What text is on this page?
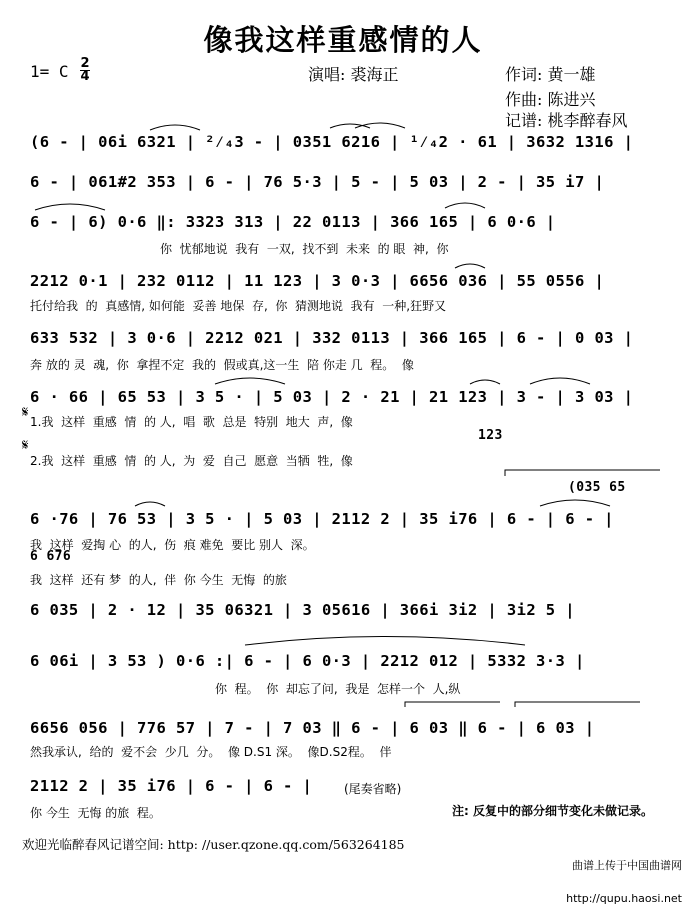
像我这样重感情的人
1= C 2
4	演唱: 裘海正	作词: 黄一雄
作曲: 陈进兴
记谱: 桃李醉春风
(6 - | 06i 6321 | ²⁄₄3 - | 0351 6216 | ¹⁄₄2 · 61 | 3632 1316 |
6 - | 061#2 353 | 6 - | 76 5·3 | 5 - | 5 03 | 2 - | 35 i7 |
6 - | 6) 0·6 ‖: 3323 313 | 22 0113 | 366 165 | 6 0·6 |
你  忧郁地说  我有  一双,  找不到  未来  的 眼  神,  你
2212 0·1 | 232 0112 | 11 123 | 3 0·3 | 6656 036 | 55 0556 |
托付给我  的  真感情, 如何能  妥善 地保  存,  你  猜测地说  我有  一种,狂野又
633 532 | 3 0·6 | 2212 021 | 332 0113 | 366 165 | 6 - | 0 03 |
奔 放的 灵  魂,  你  拿捏不定  我的  假或真,这一生  陪 你走 几  程。  像
6 · 66 | 65 53 | 3 5 · | 5 03 | 2 · 21 | 21 123 | 3 - | 3 03 |
𝄋
1.我  这样  重感  情  的 人,  唱  歌  总是  特别  地大  声,  像
123
𝄋
2.我  这样  重感  情  的 人,  为  爱  自己  愿意  当牺  牲,  像
(035 65
6 ·76 | 76 53 | 3 5 · | 5 03 | 2112 2 | 35 i76 | 6 - | 6 - |
我  这样  爱掏 心  的人,  伤  痕 难免  要比 别人  深。
6 676
我  这样  还有 梦  的人,  伴  你 今生  无悔  的旅
6 035 | 2 · 12 | 35 06321 | 3 05616 | 366i 3i2 | 3i2 5 |
6 06i | 3 53 ) 0·6 :| 6 - | 6 0·3 | 2212 012 | 5332 3·3 |
你  程。  你  却忘了问,  我是  怎样一个  人,纵
6656 056 | 776 57 | 7 - | 7 03 ‖ 6 - | 6 03 ‖ 6 - | 6 03 |
然我承认,  给的  爱不会  少几  分。  像 D.S1 深。  像D.S2程。  伴
2112 2 | 35 i76 | 6 - | 6 - |
你 今生  无悔 的旅  程。
(尾奏省略)
注: 反复中的部分细节变化未做记录。
欢迎光临醉春风记谱空间: http: //user.qzone.qq.com/563264185

曲谱上传于中国曲谱网

http://qupu.haosi.net
